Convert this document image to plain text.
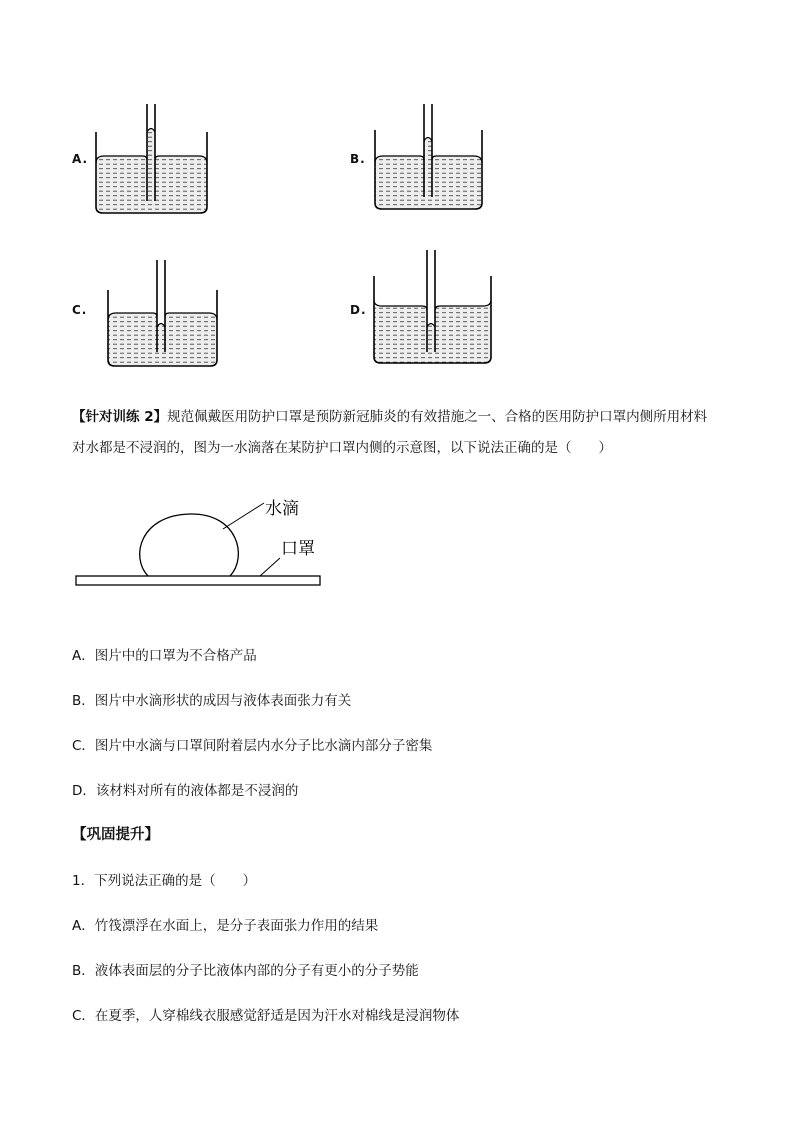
A.	B.
C.	D.
【针对训练 2】规范佩戴医用防护口罩是预防新冠肺炎的有效措施之一、合格的医用防护口罩内侧所用材料
对水都是不浸润的，图为一水滴落在某防护口罩内侧的示意图，以下说法正确的是（　　）
水滴
口罩
A．图片中的口罩为不合格产品
B．图片中水滴形状的成因与液体表面张力有关
C．图片中水滴与口罩间附着层内水分子比水滴内部分子密集
D．该材料对所有的液体都是不浸润的
【巩固提升】
1．下列说法正确的是（　　）
A．竹筏漂浮在水面上，是分子表面张力作用的结果
B．液体表面层的分子比液体内部的分子有更小的分子势能
C．在夏季，人穿棉线衣服感觉舒适是因为汗水对棉线是浸润物体
